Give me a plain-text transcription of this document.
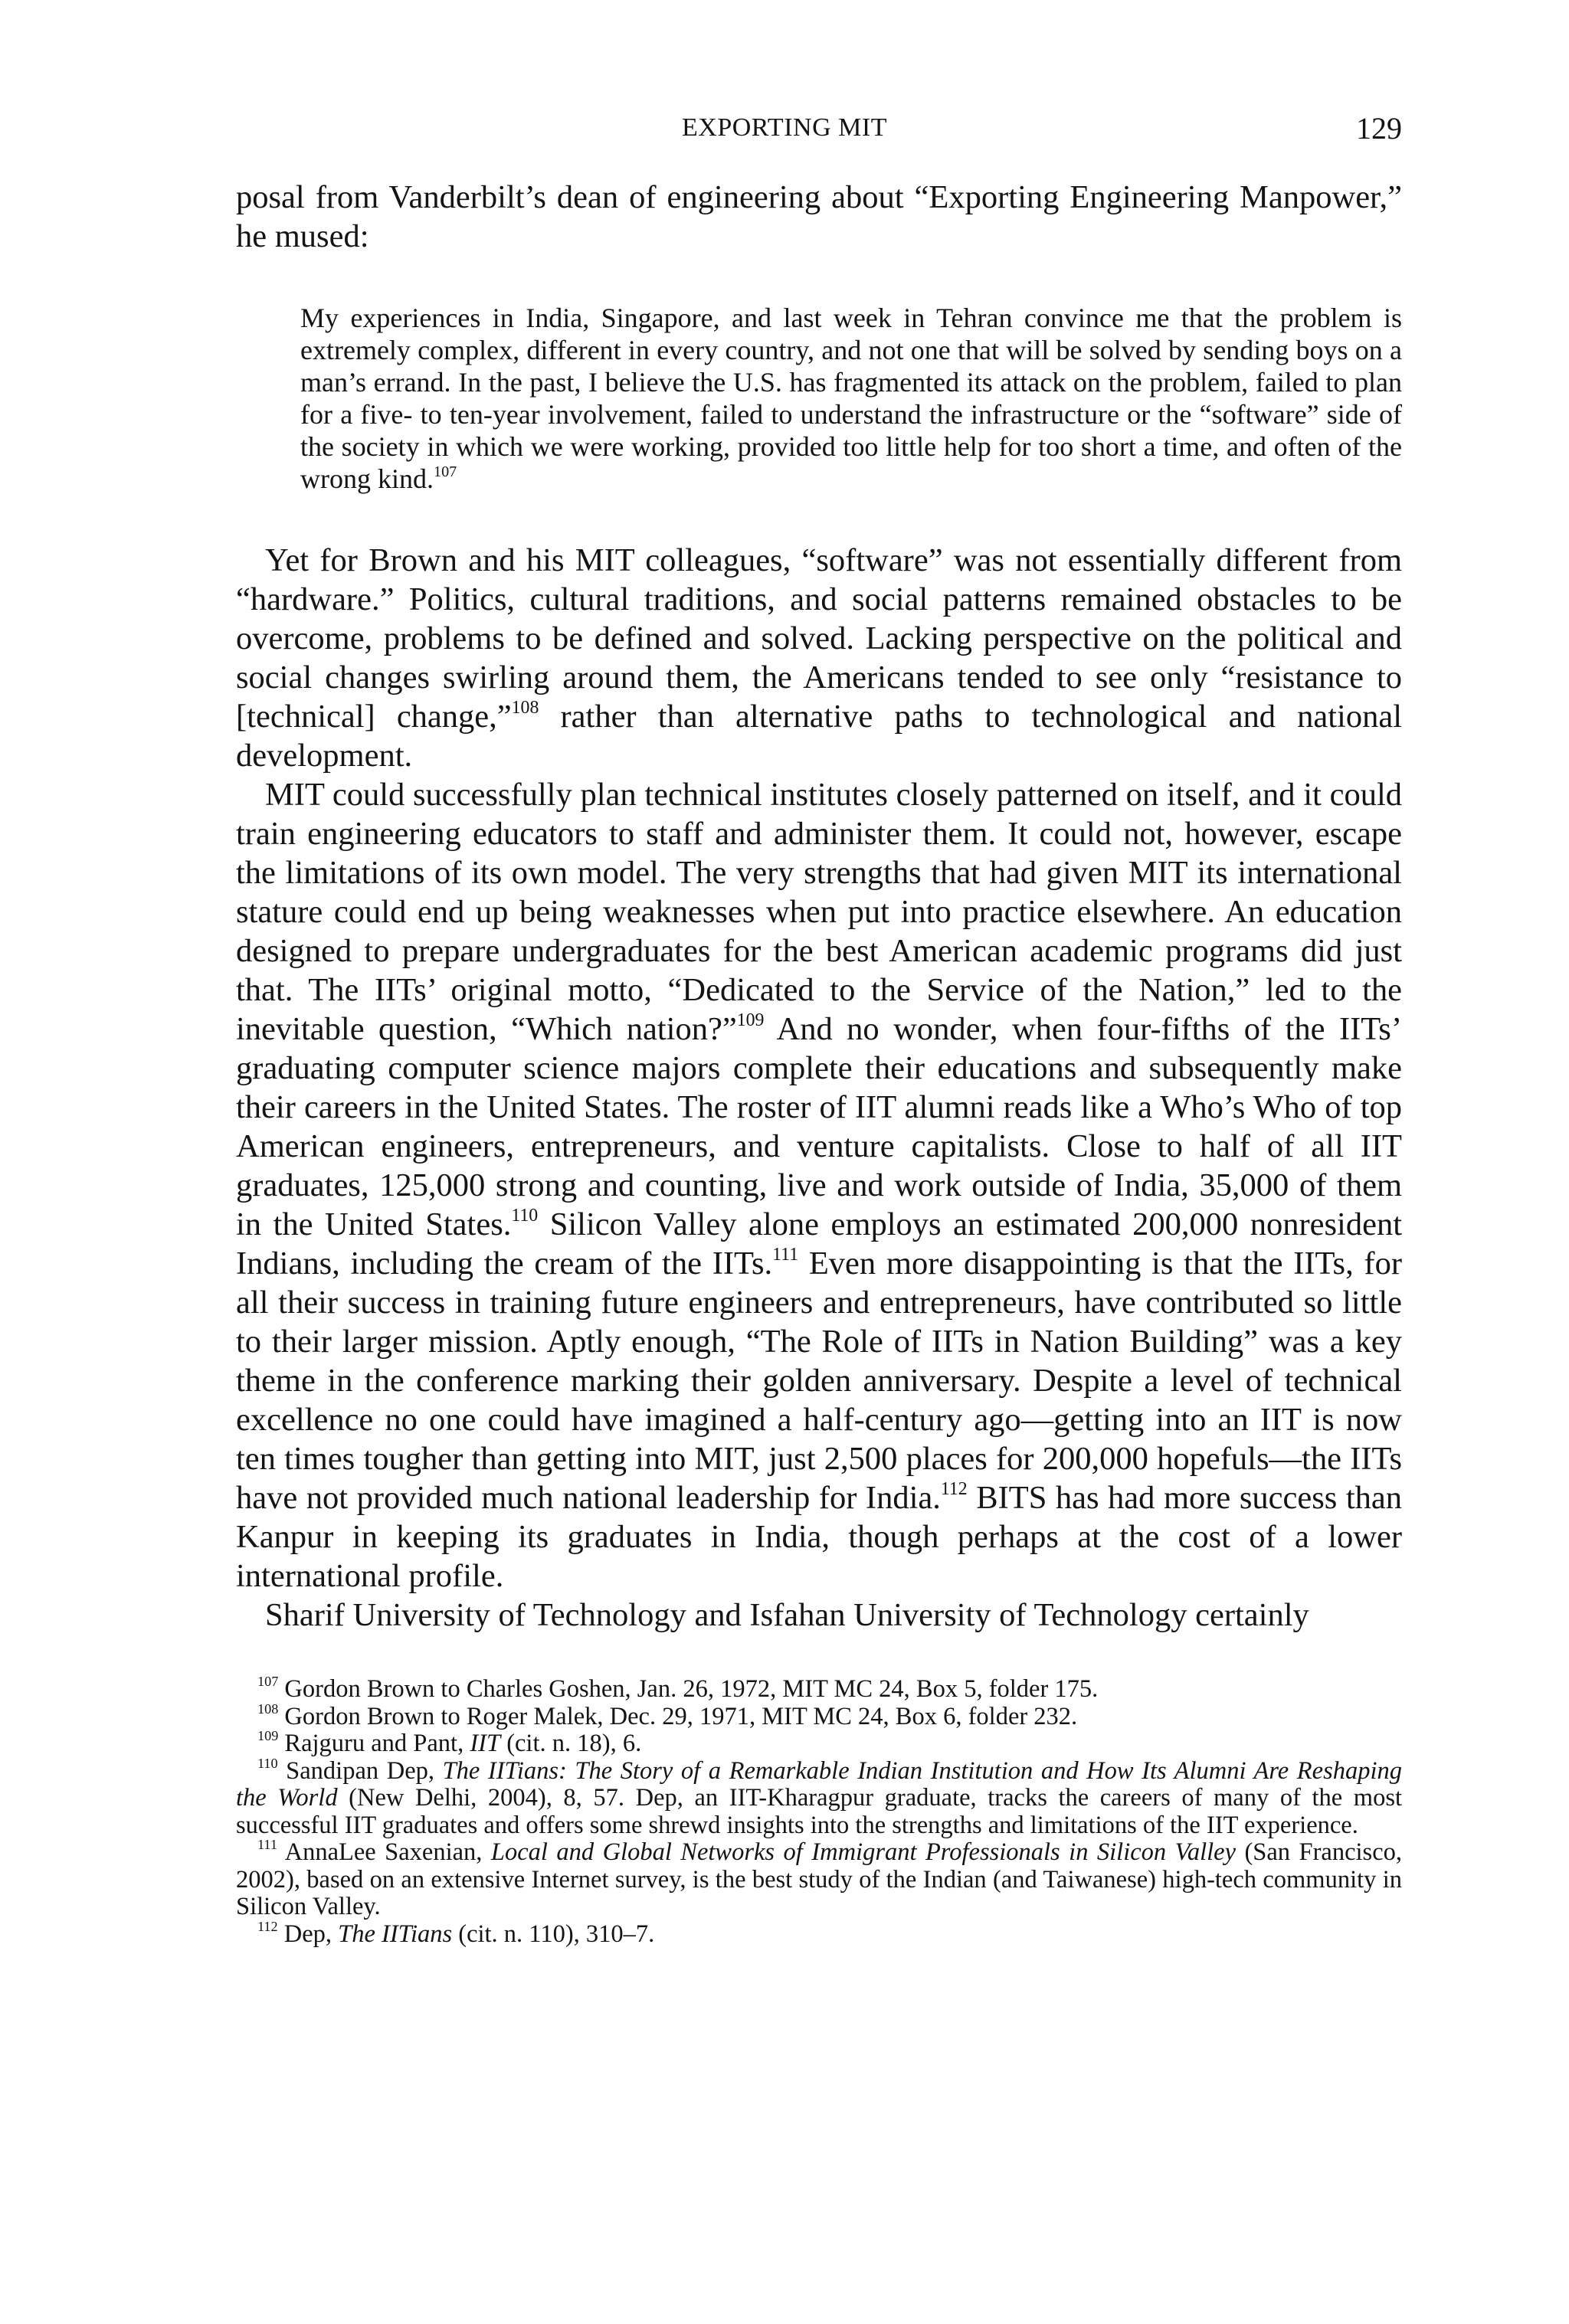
EXPORTING MIT	129

posal from Vanderbilt’s dean of engineering about “Exporting Engineering Manpower,” he mused:

My experiences in India, Singapore, and last week in Tehran convince me that the problem is extremely complex, different in every country, and not one that will be solved by sending boys on a man’s errand. In the past, I believe the U.S. has fragmented its attack on the problem, failed to plan for a five- to ten-year involvement, failed to understand the infrastructure or the “software” side of the society in which we were working, provided too little help for too short a time, and often of the wrong kind.$^{107}$

Yet for Brown and his MIT colleagues, “software” was not essentially different from “hardware.” Politics, cultural traditions, and social patterns remained obstacles to be overcome, problems to be defined and solved. Lacking perspective on the political and social changes swirling around them, the Americans tended to see only “resistance to [technical] change,”$^{108}$ rather than alternative paths to technological and national development.

MIT could successfully plan technical institutes closely patterned on itself, and it could train engineering educators to staff and administer them. It could not, however, escape the limitations of its own model. The very strengths that had given MIT its international stature could end up being weaknesses when put into practice elsewhere. An education designed to prepare undergraduates for the best American academic programs did just that. The IITs’ original motto, “Dedicated to the Service of the Nation,” led to the inevitable question, “Which nation?”$^{109}$ And no wonder, when four-fifths of the IITs’ graduating computer science majors complete their educations and subsequently make their careers in the United States. The roster of IIT alumni reads like a Who’s Who of top American engineers, entrepreneurs, and venture capitalists. Close to half of all IIT graduates, 125,000 strong and counting, live and work outside of India, 35,000 of them in the United States.$^{110}$ Silicon Valley alone employs an estimated 200,000 nonresident Indians, including the cream of the IITs.$^{111}$ Even more disappointing is that the IITs, for all their success in training future engineers and entrepreneurs, have contributed so little to their larger mission. Aptly enough, “The Role of IITs in Nation Building” was a key theme in the conference marking their golden anniversary. Despite a level of technical excellence no one could have imagined a half-century ago—getting into an IIT is now ten times tougher than getting into MIT, just 2,500 places for 200,000 hopefuls—the IITs have not provided much national leadership for India.$^{112}$ BITS has had more success than Kanpur in keeping its graduates in India, though perhaps at the cost of a lower international profile.

Sharif University of Technology and Isfahan University of Technology certainly

$^{107}$ Gordon Brown to Charles Goshen, Jan. 26, 1972, MIT MC 24, Box 5, folder 175.

$^{108}$ Gordon Brown to Roger Malek, Dec. 29, 1971, MIT MC 24, Box 6, folder 232.

$^{109}$ Rajguru and Pant, IIT (cit. n. 18), 6.

$^{110}$ Sandipan Dep, The IITians: The Story of a Remarkable Indian Institution and How Its Alumni Are Reshaping the World (New Delhi, 2004), 8, 57. Dep, an IIT-Kharagpur graduate, tracks the careers of many of the most successful IIT graduates and offers some shrewd insights into the strengths and limitations of the IIT experience.

$^{111}$ AnnaLee Saxenian, Local and Global Networks of Immigrant Professionals in Silicon Valley (San Francisco, 2002), based on an extensive Internet survey, is the best study of the Indian (and Taiwanese) high-tech community in Silicon Valley.

$^{112}$ Dep, The IITians (cit. n. 110), 310–7.
